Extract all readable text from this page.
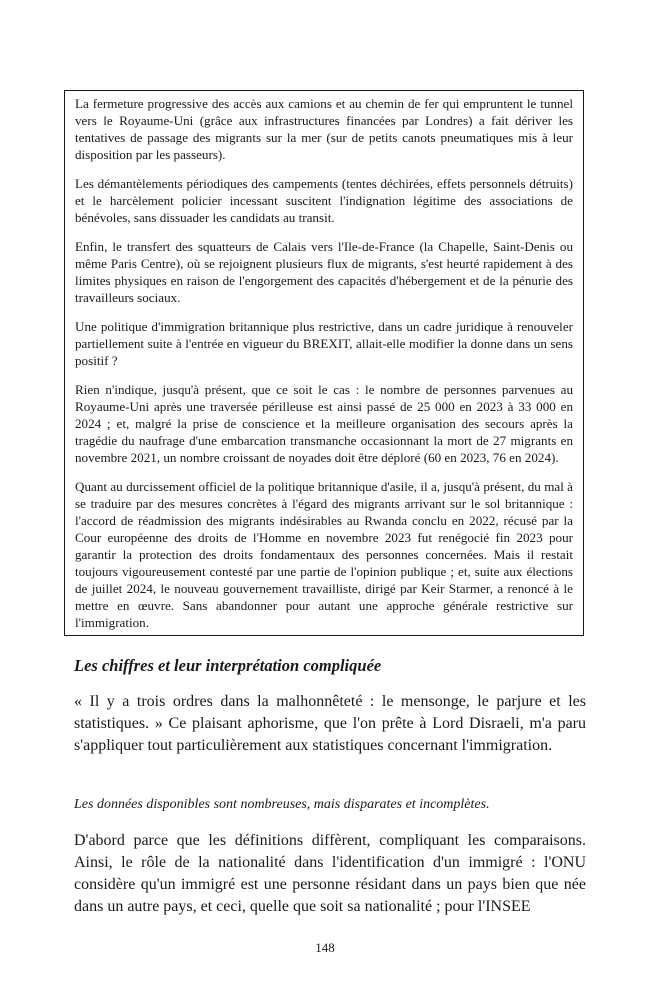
La fermeture progressive des accès aux camions et au chemin de fer qui empruntent le tunnel vers le Royaume-Uni (grâce aux infrastructures financées par Londres) a fait dériver les tentatives de passage des migrants sur la mer (sur de petits canots pneumatiques mis à leur disposition par les passeurs).

Les démantèlements périodiques des campements (tentes déchirées, effets personnels détruits) et le harcèlement policier incessant suscitent l'indignation légitime des associations de bénévoles, sans dissuader les candidats au transit.

Enfin, le transfert des squatteurs de Calais vers l'Ile-de-France (la Chapelle, Saint-Denis ou même Paris Centre), où se rejoignent plusieurs flux de migrants, s'est heurté rapidement à des limites physiques en raison de l'engorgement des capacités d'hébergement et de la pénurie des travailleurs sociaux.

Une politique d'immigration britannique plus restrictive, dans un cadre juridique à renouveler partiellement suite à l'entrée en vigueur du BREXIT, allait-elle modifier la donne dans un sens positif ?

Rien n'indique, jusqu'à présent, que ce soit le cas : le nombre de personnes parvenues au Royaume-Uni après une traversée périlleuse est ainsi passé de 25 000 en 2023 à 33 000 en 2024 ; et, malgré la prise de conscience et la meilleure organisation des secours après la tragédie du naufrage d'une embarcation transmanche occasionnant la mort de 27 migrants en novembre 2021, un nombre croissant de noyades doit être déploré (60 en 2023, 76 en 2024).

Quant au durcissement officiel de la politique britannique d'asile, il a, jusqu'à présent, du mal à se traduire par des mesures concrètes à l'égard des migrants arrivant sur le sol britannique : l'accord de réadmission des migrants indésirables au Rwanda conclu en 2022, récusé par la Cour européenne des droits de l'Homme en novembre 2023 fut renégocié fin 2023 pour garantir la protection des droits fondamentaux des personnes concernées. Mais il restait toujours vigoureusement contesté par une partie de l'opinion publique ; et, suite aux élections de juillet 2024, le nouveau gouvernement travailliste, dirigé par Keir Starmer, a renoncé à le mettre en œuvre. Sans abandonner pour autant une approche générale restrictive sur l'immigration.

Les chiffres et leur interprétation compliquée

« Il y a trois ordres dans la malhonnêteté : le mensonge, le parjure et les statistiques. » Ce plaisant aphorisme, que l'on prête à Lord Disraeli, m'a paru s'appliquer tout particulièrement aux statistiques concernant l'immigration.

Les données disponibles sont nombreuses, mais disparates et incomplètes.

D'abord parce que les définitions diffèrent, compliquant les comparaisons. Ainsi, le rôle de la nationalité dans l'identification d'un immigré : l'ONU considère qu'un immigré est une personne résidant dans un pays bien que née dans un autre pays, et ceci, quelle que soit sa nationalité ; pour l'INSEE

148
